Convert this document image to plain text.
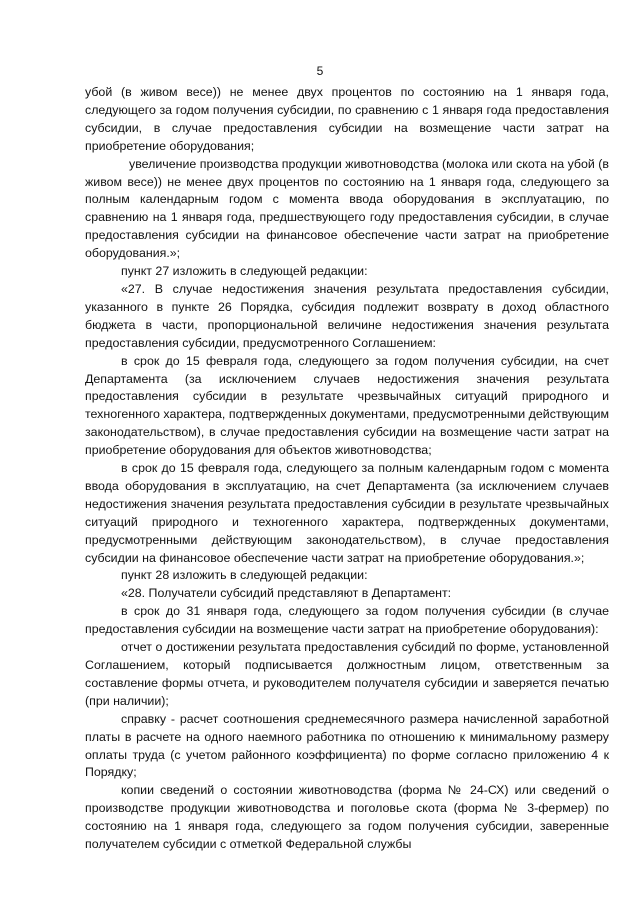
5

убой (в живом весе)) не менее двух процентов по состоянию на 1 января года, следующего за годом получения субсидии, по сравнению с 1 января года предоставления субсидии, в случае предоставления субсидии на возмещение части затрат на приобретение оборудования;

увеличение производства продукции животноводства (молока или скота на убой (в живом весе)) не менее двух процентов по состоянию на 1 января года, следующего за полным календарным годом с момента ввода оборудования в эксплуатацию, по сравнению на 1 января года, предшествующего году предоставления субсидии, в случае предоставления субсидии на финансовое обеспечение части затрат на приобретение оборудования.»;

пункт 27 изложить в следующей редакции:

«27. В случае недостижения значения результата предоставления субсидии, указанного в пункте 26 Порядка, субсидия подлежит возврату в доход областного бюджета в части, пропорциональной величине недостижения значения результата предоставления субсидии, предусмотренного Соглашением:

в срок до 15 февраля года, следующего за годом получения субсидии, на счет Департамента (за исключением случаев недостижения значения результата предоставления субсидии в результате чрезвычайных ситуаций природного и техногенного характера, подтвержденных документами, предусмотренными действующим законодательством), в случае предоставления субсидии на возмещение части затрат на приобретение оборудования для объектов животноводства;

в срок до 15 февраля года, следующего за полным календарным годом с момента ввода оборудования в эксплуатацию, на счет Департамента (за исключением случаев недостижения значения результата предоставления субсидии в результате чрезвычайных ситуаций природного и техногенного характера, подтвержденных документами, предусмотренными действующим законодательством), в случае предоставления субсидии на финансовое обеспечение части затрат на приобретение оборудования.»;

пункт 28 изложить в следующей редакции:

«28. Получатели субсидий представляют в Департамент:

в срок до 31 января года, следующего за годом получения субсидии (в случае предоставления субсидии на возмещение части затрат на приобретение оборудования):

отчет о достижении результата предоставления субсидий по форме, установленной Соглашением, который подписывается должностным лицом, ответственным за составление формы отчета, и руководителем получателя субсидии и заверяется печатью (при наличии);

справку - расчет соотношения среднемесячного размера начисленной заработной платы в расчете на одного наемного работника по отношению к минимальному размеру оплаты труда (с учетом районного коэффициента) по форме согласно приложению 4 к Порядку;

копии сведений о состоянии животноводства (форма № 24-СХ) или сведений о производстве продукции животноводства и поголовье скота (форма № 3-фермер) по состоянию на 1 января года, следующего за годом получения субсидии, заверенные получателем субсидии с отметкой Федеральной службы
